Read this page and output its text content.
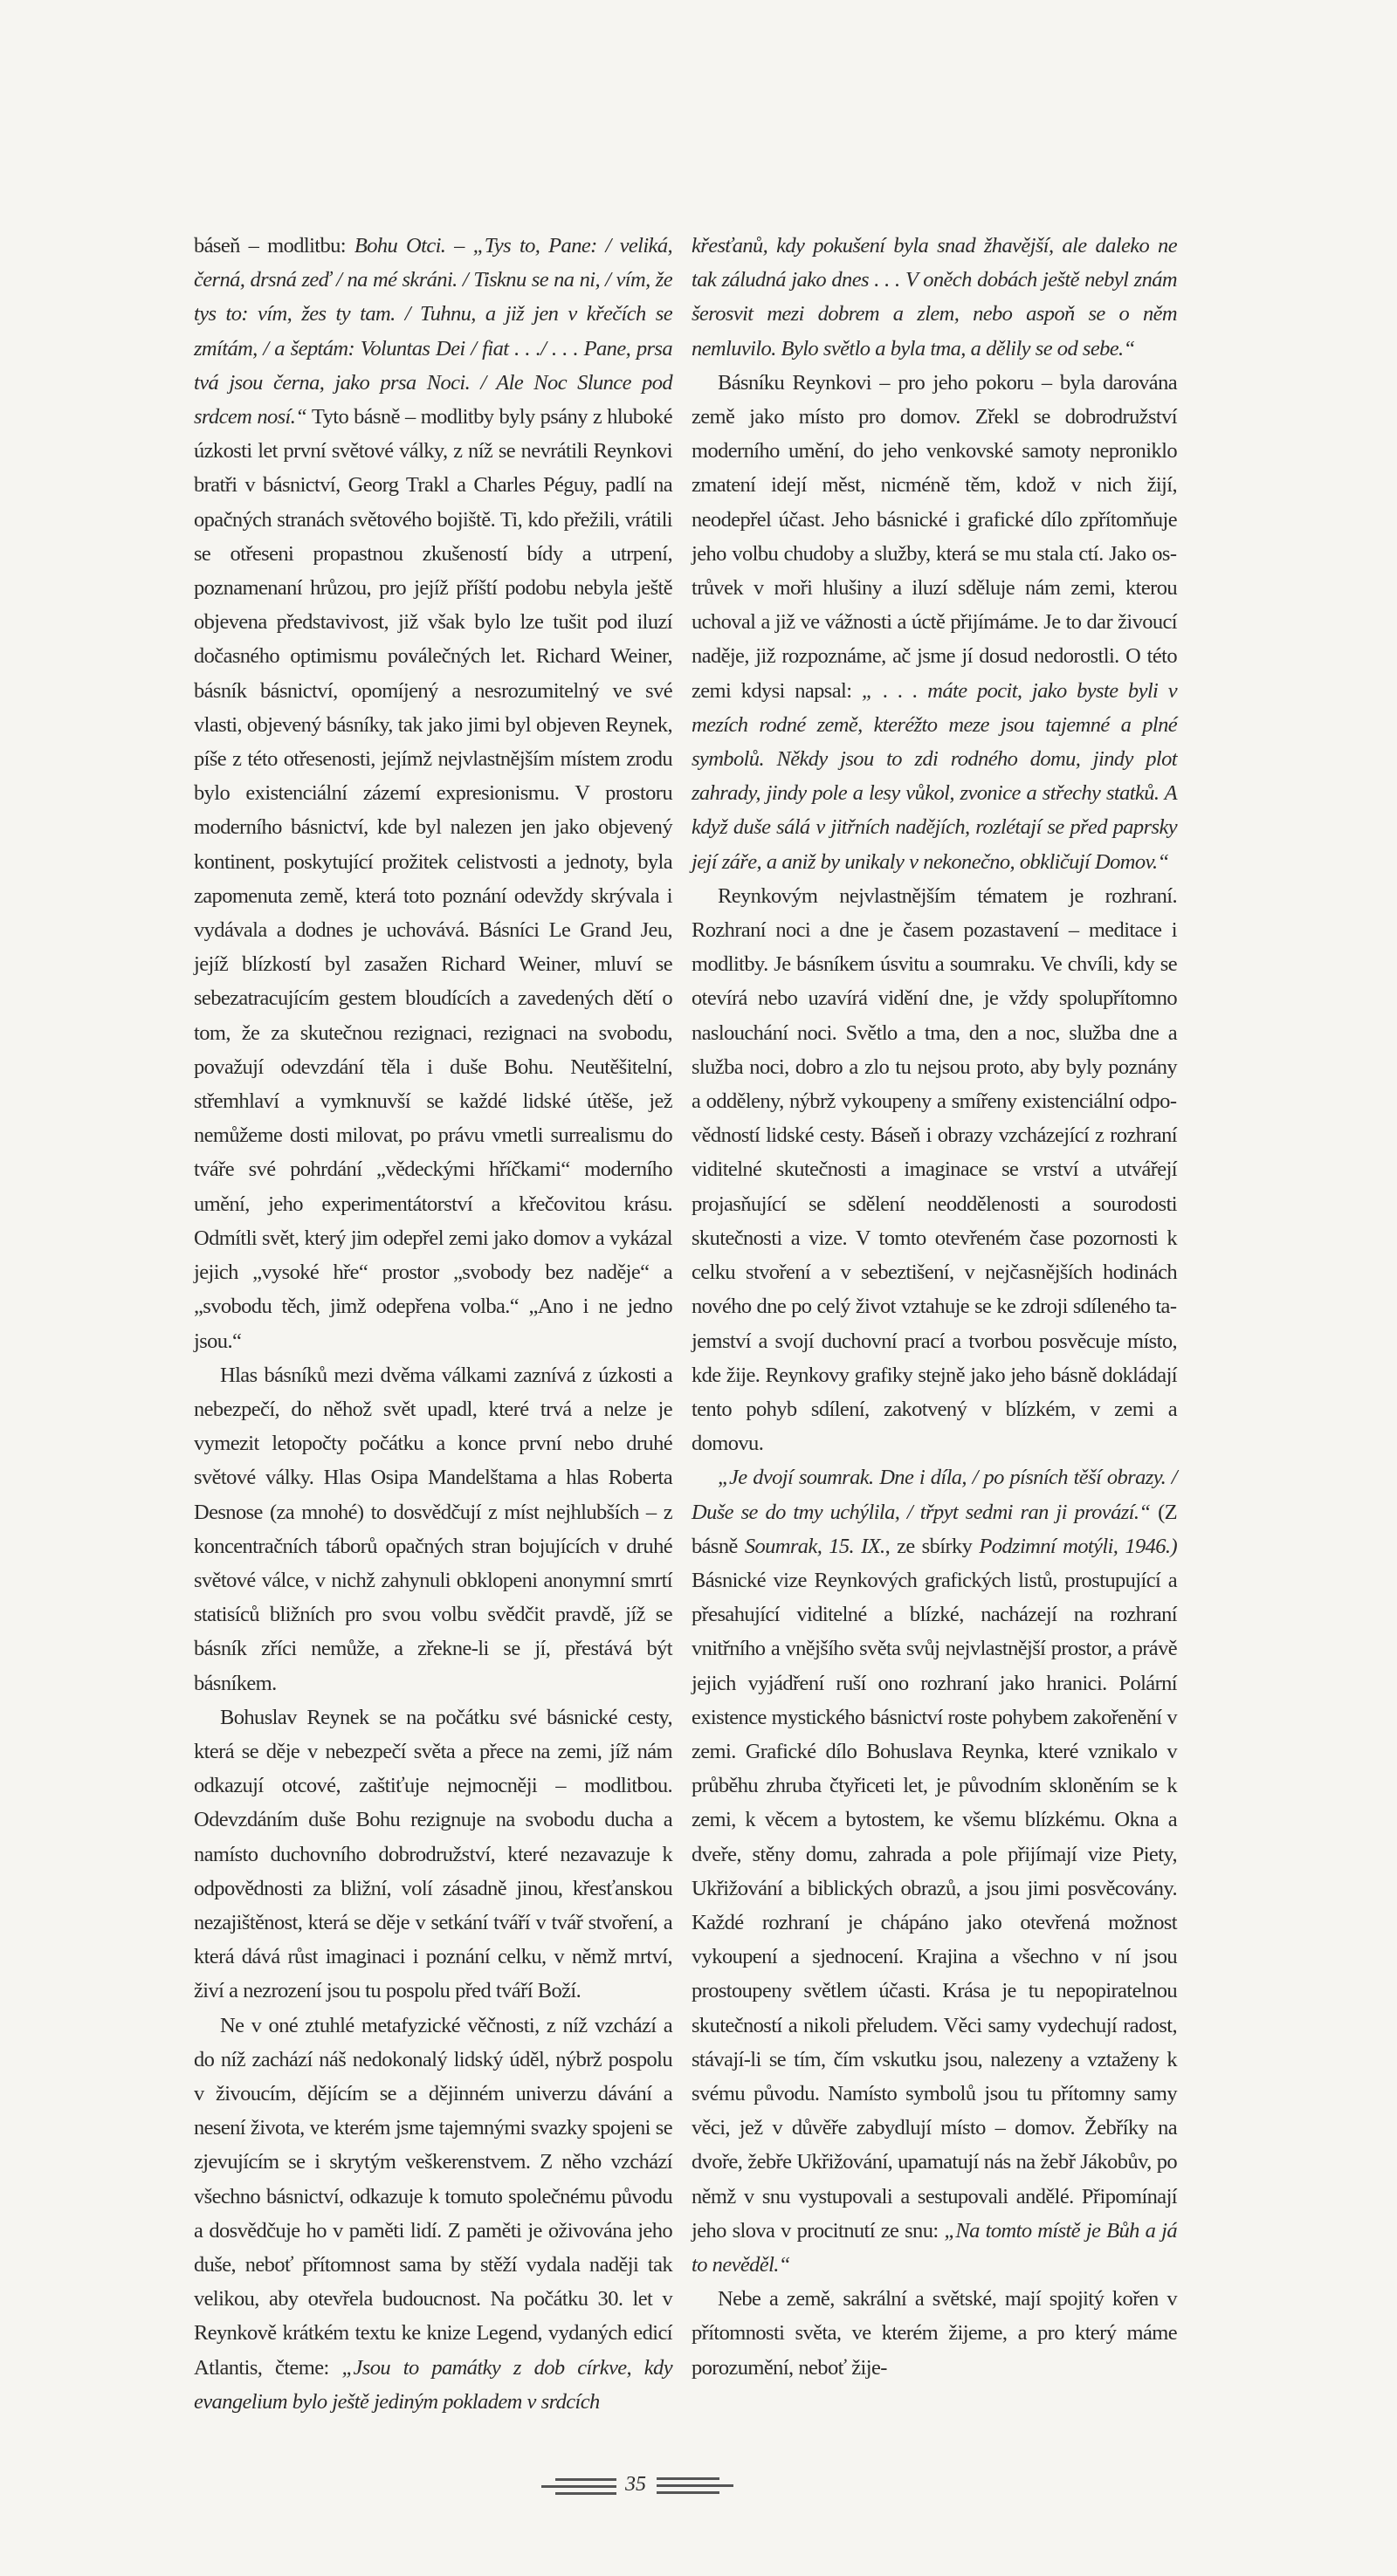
báseň – modlitbu: Bohu Otci. – „Tys to, Pane: / veliká, černá, drsná zeď / na mé skráni. / Tisknu se na ni, / vím, že tys to: vím, žes ty tam. / Tuhnu, a již jen v křečích se zmítám, / a šeptám: Voluntas Dei / fiat . . ./ . . . Pane, prsa tvá jsou černa, jako prsa Noci. / Ale Noc Slunce pod srdcem nosí.“ Tyto básně – modlitby byly psány z hluboké úzkosti let první světové války, z níž se nevrátili Reynkovi bratři v básnictví, Georg Trakl a Charles Péguy, padlí na opačných stranách světového bojiště. Ti, kdo přežili, vrátili se otřeseni propastnou zkušeností bídy a utrpení, poznamenaní hrůzou, pro jejíž příští podobu nebyla ještě objevena představivost, již však bylo lze tušit pod iluzí dočasného optimismu poválečných let. Richard Weiner, básník básnictví, opomíjený a nesrozumitelný ve své vlasti, objevený básníky, tak jako jimi byl objeven Reynek, píše z této otřesenosti, jejímž nejvlastnějším místem zrodu bylo existenciální zázemí expresionismu. V prostoru moderního básnictví, kde byl nalezen jen jako objevený kontinent, poskytující prožitek celistvosti a jednoty, byla zapomenuta země, která toto poznání odevždy skrývala i vydávala a dodnes je uchovává. Básníci Le Grand Jeu, jejíž blízkostí byl zasažen Richard Weiner, mluví se sebezatracujícím gestem bloudících a zavedených dětí o tom, že za skutečnou rezignaci, rezignaci na svobodu, považují odevzdání těla i duše Bohu. Neutěšitelní, střemhlaví a vymknuvší se každé lidské útěše, jež nemůžeme dosti milovat, po právu vmetli surrealismu do tváře své pohrdání „vědeckými hříčkami“ moderního umění, jeho experimentátorství a křečovitou krásu. Odmítli svět, který jim odepřel zemi jako domov a vykázal jejich „vysoké hře“ prostor „svobody bez naděje“ a „svobodu těch, jimž odepřena volba.“ „Ano i ne jedno jsou.“

Hlas básníků mezi dvěma válkami zaznívá z úzkosti a nebezpečí, do něhož svět upadl, které trvá a nelze je vymezit letopočty počátku a konce první nebo druhé světové války. Hlas Osipa Mandelštama a hlas Roberta Desnose (za mnohé) to dosvědčují z míst nejhlubších – z koncentračních táborů opačných stran bojujících v druhé světové válce, v nichž zahynuli obklopeni anonymní smrtí statisíců bližních pro svou volbu svědčit pravdě, jíž se básník zříci nemůže, a zřekne-li se jí, přestává být básníkem.

Bohuslav Reynek se na počátku své básnické cesty, která se děje v nebezpečí světa a přece na zemi, jíž nám odkazují otcové, zaštiťuje nejmocněji – modlitbou. Odevzdáním duše Bohu rezignuje na svobodu ducha a namísto duchovního dobrodružství, které nezavazuje k odpovědnosti za bližní, volí zásadně jinou, křesťanskou nezajištěnost, která se děje v setkání tváří v tvář stvoření, a která dává růst imaginaci i poznání celku, v němž mrtví, živí a nezrození jsou tu pospolu před tváří Boží.

Ne v oné ztuhlé metafyzické věčnosti, z níž vzchází a do níž zachází náš nedokonalý lidský úděl, nýbrž pospolu v živoucím, dějícím se a dějinném univerzu dávání a nesení života, ve kterém jsme tajemnými svazky spojeni se zjevujícím se i skrytým veškerenstvem. Z něho vzchází všechno básnictví, odkazuje k tomuto společnému původu a dosvědčuje ho v paměti lidí. Z paměti je oživována jeho duše, neboť přítomnost sama by stěží vydala naději tak velikou, aby otevřela budoucnost. Na počátku 30. let v Reynkově krátkém textu ke knize Legend, vydaných edicí Atlantis, čteme: „Jsou to památky z dob církve, kdy evangelium bylo ještě jediným pokladem v srdcích

křesťanů, kdy pokušení byla snad žhavější, ale daleko ne tak záludná jako dnes . . . V oněch dobách ještě nebyl znám šerosvit mezi dobrem a zlem, nebo aspoň se o něm nemluvilo. Bylo světlo a byla tma, a dělily se od sebe.“

Básníku Reynkovi – pro jeho pokoru – byla darována země jako místo pro domov. Zřekl se dobrodružství moderního umění, do jeho venkovské samoty neproniklo zmatení idejí měst, nicméně těm, kdož v nich žijí, neodepřel účast. Jeho básnické i grafické dílo zpřítomňuje jeho volbu chudoby a služby, která se mu stala ctí. Jako ostrůvek v moři hlušiny a iluzí sděluje nám zemi, kterou uchoval a již ve vážnosti a úctě přijímáme. Je to dar živoucí naděje, již rozpoznáme, ač jsme jí dosud nedorostli. O této zemi kdysi napsal: „ . . . máte pocit, jako byste byli v mezích rodné země, kteréžto meze jsou tajemné a plné symbolů. Někdy jsou to zdi rodného domu, jindy plot zahrady, jindy pole a lesy vůkol, zvonice a střechy statků. A když duše sálá v jitřních nadějích, rozlétají se před paprsky její záře, a aniž by unikaly v nekonečno, obkličují Domov.“

Reynkovým nejvlastnějším tématem je rozhraní. Rozhraní noci a dne je časem pozastavení – meditace i modlitby. Je básníkem úsvitu a soumraku. Ve chvíli, kdy se otevírá nebo uzavírá vidění dne, je vždy spolupřítomno naslouchání noci. Světlo a tma, den a noc, služba dne a služba noci, dobro a zlo tu nejsou proto, aby byly poznány a odděleny, nýbrž vykoupeny a smířeny existenciální odpovědností lidské cesty. Báseň i obrazy vzcházející z rozhraní viditelné skutečnosti a imaginace se vrství a utvářejí projasňující se sdělení neoddělenosti a sourodosti skutečnosti a vize. V tomto otevřeném čase pozornosti k celku stvoření a v sebeztišení, v nejčasnějších hodinách nového dne po celý život vztahuje se ke zdroji sdíleného tajemství a svojí duchovní prací a tvorbou posvěcuje místo, kde žije. Reynkovy grafiky stejně jako jeho básně dokládají tento pohyb sdílení, zakotvený v blízkém, v zemi a domovu.

„Je dvojí soumrak. Dne i díla, / po písních těší obrazy. / Duše se do tmy uchýlila, / třpyt sedmi ran ji provází.“ (Z básně Soumrak, 15. IX., ze sbírky Podzimní motýli, 1946.) Básnické vize Reynkových grafických listů, prostupující a přesahující viditelné a blízké, nacházejí na rozhraní vnitřního a vnějšího světa svůj nejvlastnější prostor, a právě jejich vyjádření ruší ono rozhraní jako hranici. Polární existence mystického básnictví roste pohybem zakořenění v zemi. Grafické dílo Bohuslava Reynka, které vznikalo v průběhu zhruba čtyřiceti let, je původním skloněním se k zemi, k věcem a bytostem, ke všemu blízkému. Okna a dveře, stěny domu, zahrada a pole přijímají vize Piety, Ukřižování a biblických obrazů, a jsou jimi posvěcovány. Každé rozhraní je chápáno jako otevřená možnost vykoupení a sjednocení. Krajina a všechno v ní jsou prostoupeny světlem účasti. Krása je tu nepopiratelnou skutečností a nikoli přeludem. Věci samy vydechují radost, stávají-li se tím, čím vskutku jsou, nalezeny a vztaženy k svému původu. Namísto symbolů jsou tu přítomny samy věci, jež v důvěře zabydlují místo – domov. Žebříky na dvoře, žebře Ukřižování, upamatují nás na žebř Jákobův, po němž v snu vystupovali a sestupovali andělé. Připomínají jeho slova v procitnutí ze snu: „Na tomto místě je Bůh a já to nevěděl.“

Nebe a země, sakrální a světské, mají spojitý kořen v přítomnosti světa, ve kterém žijeme, a pro který máme porozumění, neboť žije-

35
